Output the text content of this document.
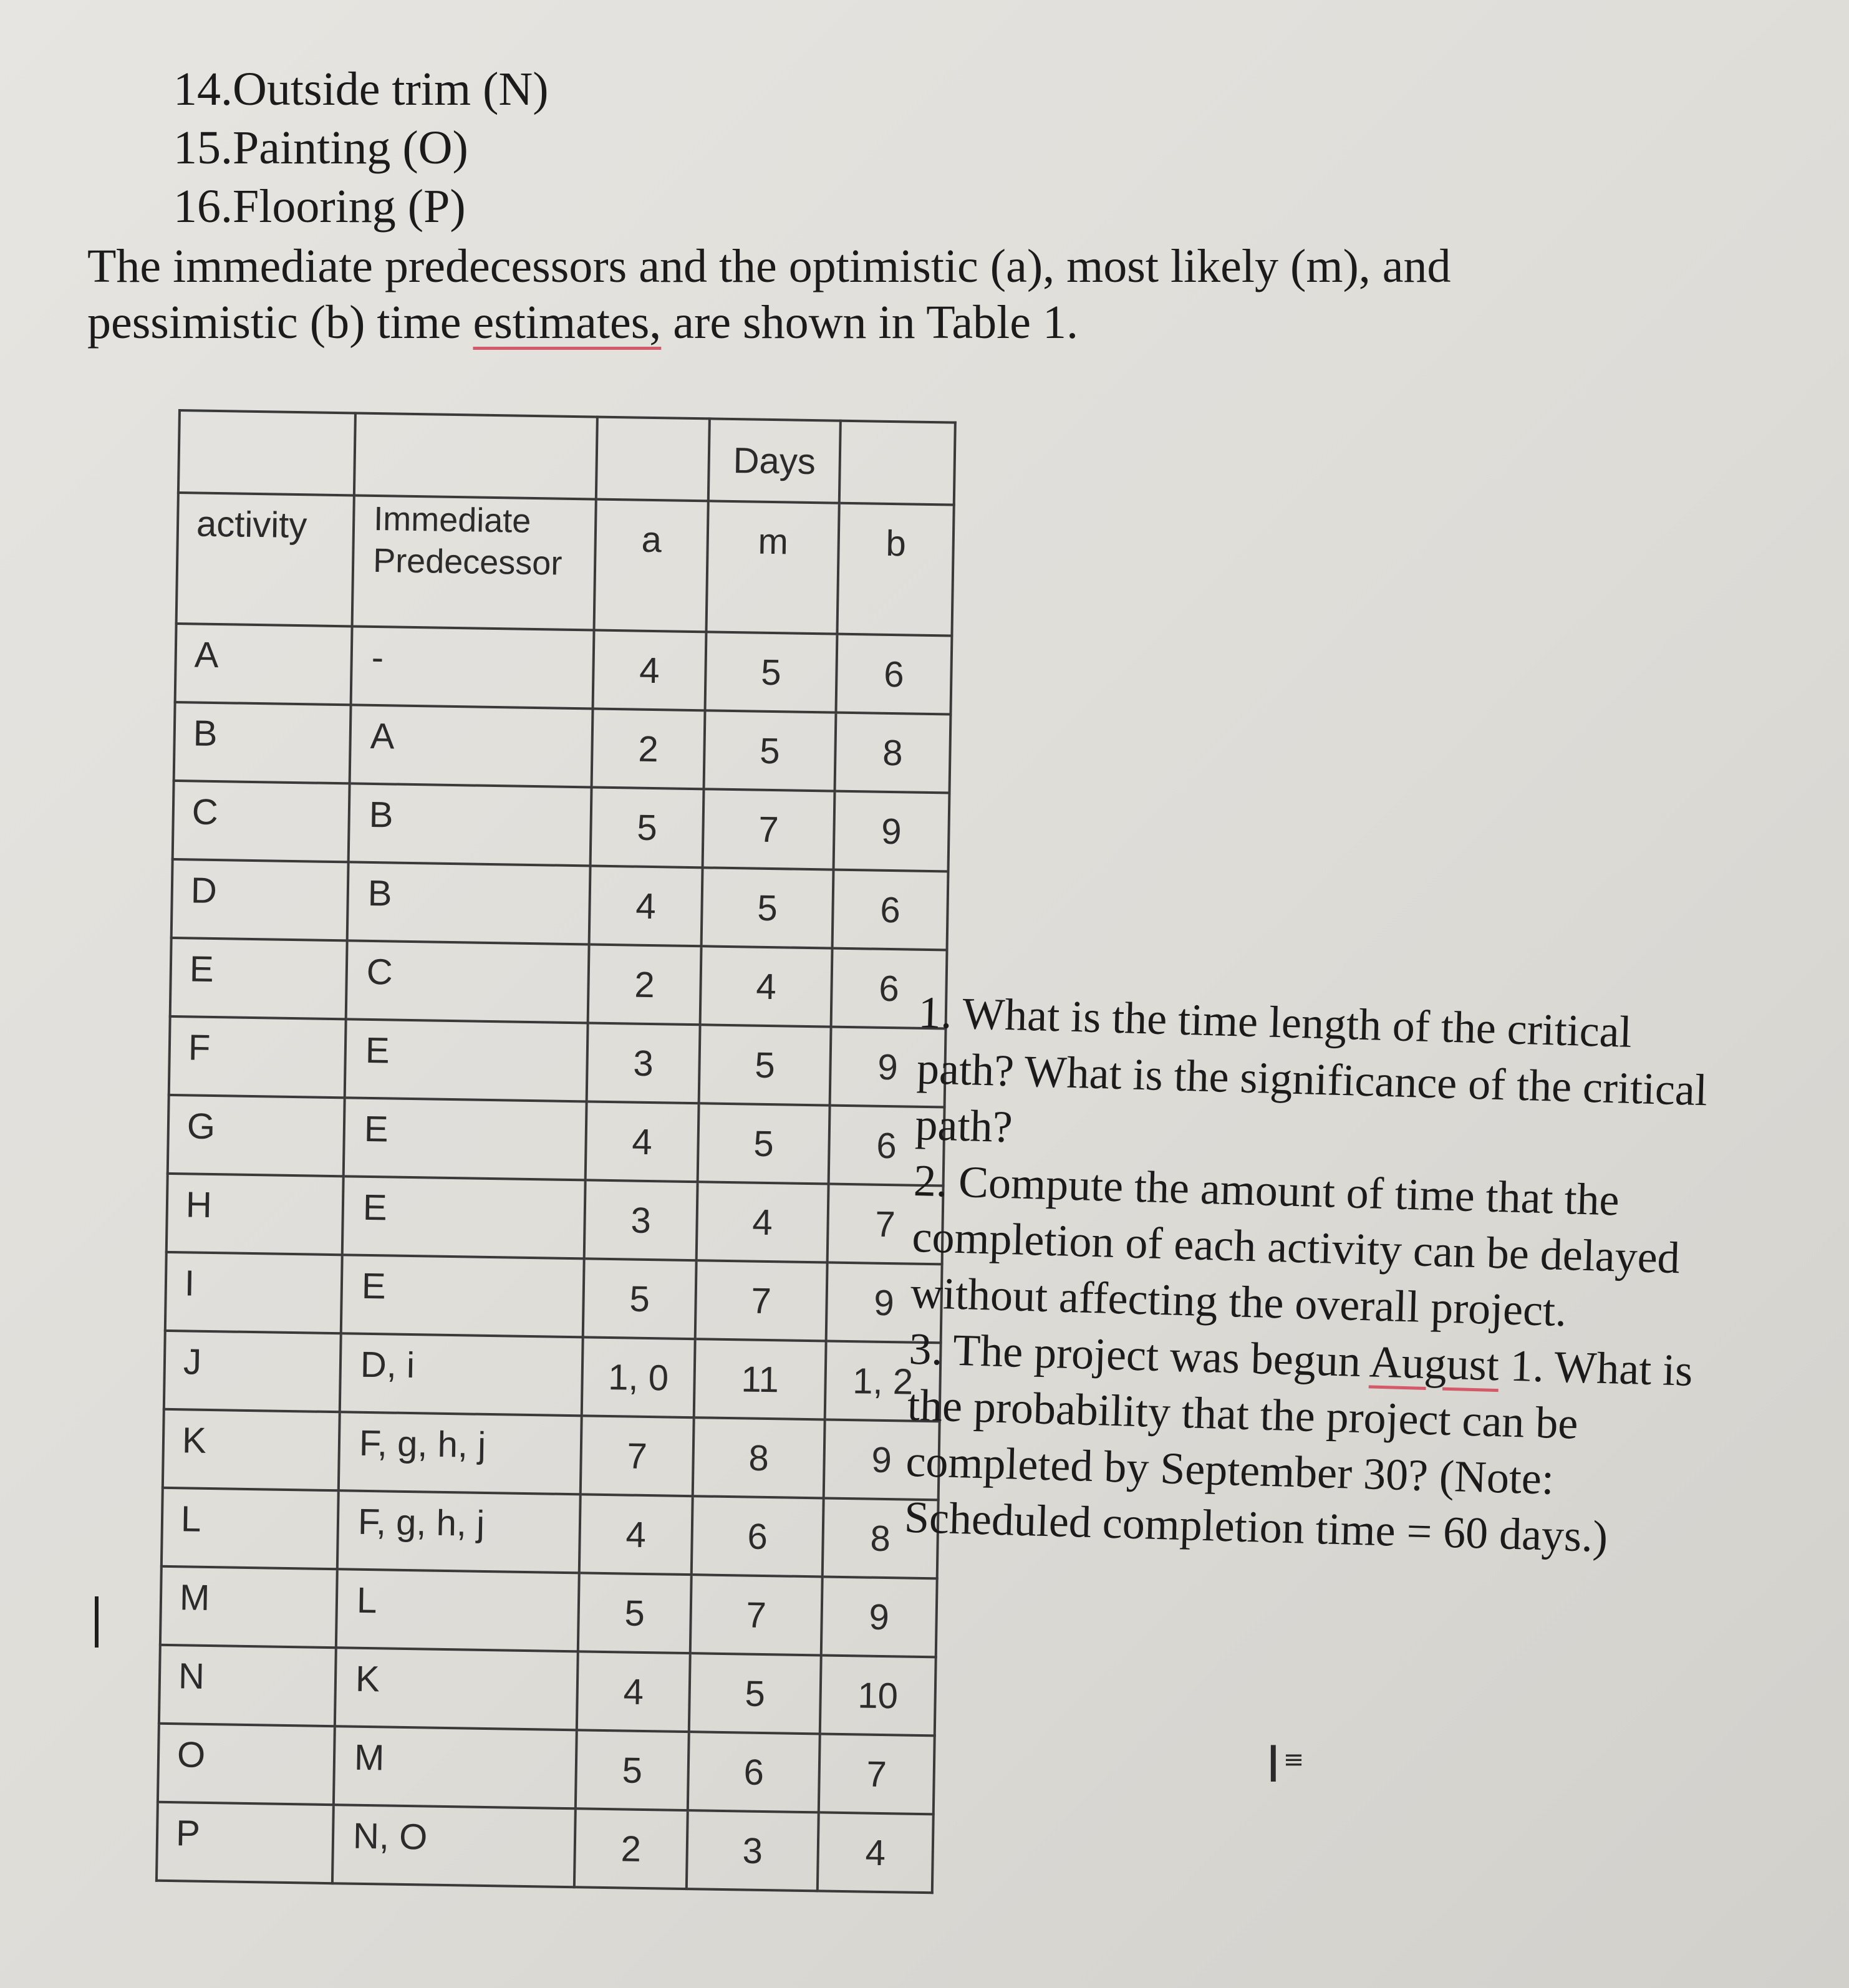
14.Outside trim (N)
15.Painting (O)
16.Flooring (P)
The immediate predecessors and the optimistic (a), most likely (m), and pessimistic (b) time estimates, are shown in Table 1.

			Days	

activity	Immediate Predecessor	a	m	b

A	-	4	5	6
B	A	2	5	8
C	B	5	7	9
D	B	4	5	6
E	C	2	4	6
F	E	3	5	9
G	E	4	5	6
H	E	3	4	7
I	E	5	7	9
J	D, i	1, 0	11	1, 2
K	F, g, h, j	7	8	9
L	F, g, h, j	4	6	8
M	L	5	7	9
N	K	4	5	10
O	M	5	6	7
P	N, O	2	3	4

1. What is the time length of the critical path? What is the significance of the critical path?

2. Compute the amount of time that the completion of each activity can be delayed without affecting the overall project.

3. The project was begun August 1. What is the probability that the project can be completed by September 30? (Note: Scheduled completion time = 60 days.)

I ≡
